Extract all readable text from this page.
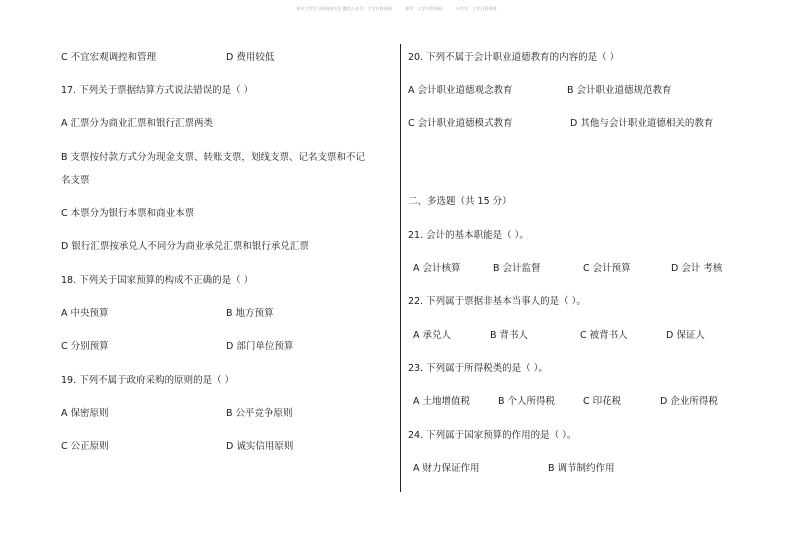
更多大学学习资料请关注 微信公众号：大学百科资料	知乎：大学百科资料	小红书：大学百科资料
C 不宜宏观调控和管理	D 费用较低
17. 下列关于票据结算方式说法错误的是（ ）
A 汇票分为商业汇票和银行汇票两类
B 支票按付款方式分为现金支票、转账支票，划线支票、记名支票和不记
名支票
C 本票分为银行本票和商业本票
D 银行汇票按承兑人不同分为商业承兑汇票和银行承兑汇票
18. 下列关于国家预算的构成不正确的是（ ）
A 中央预算	B 地方预算
C 分别预算	D 部门单位预算
19. 下列不属于政府采购的原则的是（ ）
A 保密原则	B 公平竞争原则
C 公正原则	D 诚实信用原则
20. 下列不属于会计职业道德教育的内容的是（ ）
A 会计职业道德观念教育	B 会计职业道德规范教育
C 会计职业道德模式教育	D 其他与会计职业道德相关的教育
二、多选题（共 15 分）
21. 会计的基本职能是（ ）。
A 会计核算	B 会计监督	C 会计预算	D 会计 考核
22. 下列属于票据非基本当事人的是（ ）。
A 承兑人	B 背书人	C 被背书人	D 保证人
23. 下列属于所得税类的是（ ）。
A 土地增值税	B 个人所得税	C 印花税	D 企业所得税
24. 下列属于国家预算的作用的是（ ）。
A 财力保证作用	B 调节制约作用
